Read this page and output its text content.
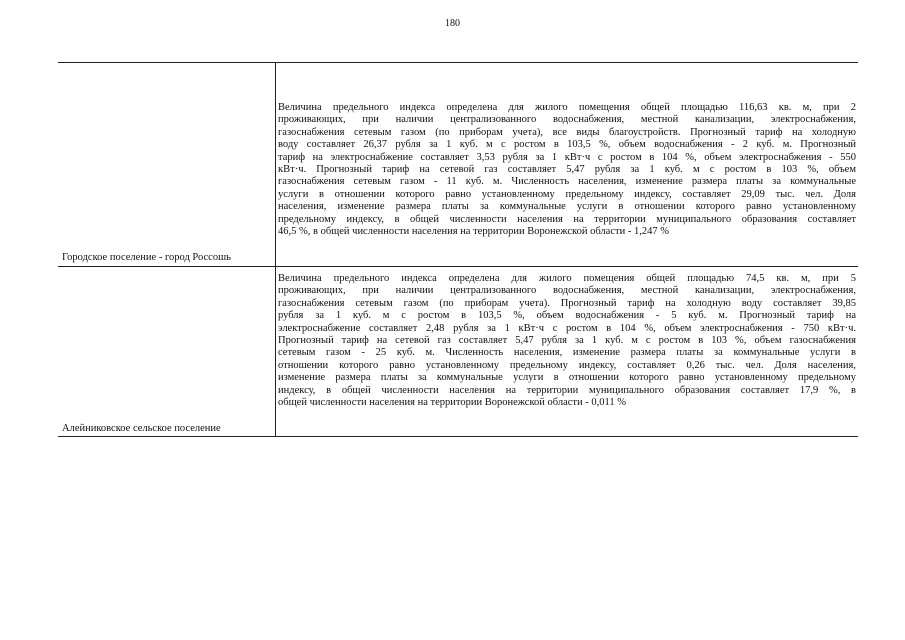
180
Городское поселение - город Россошь
Величина предельного индекса определена для жилого помещения общей площадью 116,63 кв. м, при 2
проживающих, при наличии централизованного водоснабжения, местной канализации, электроснабжения,
газоснабжения сетевым газом (по приборам учета), все виды благоустройств. Прогнозный тариф на холодную
воду составляет 26,37 рубля за 1 куб. м с ростом в 103,5 %, объем водоснабжения - 2 куб. м. Прогнозный
тариф на электроснабжение составляет 3,53 рубля за 1 кВт·ч с ростом в 104 %, объем электроснабжения - 550
кВт·ч. Прогнозный тариф на сетевой газ составляет 5,47 рубля за 1 куб. м с ростом в 103 %, объем
газоснабжения сетевым газом - 11 куб. м. Численность населения, изменение размера платы за коммунальные
услуги в отношении которого равно установленному предельному индексу, составляет 29,09 тыс. чел. Доля
населения, изменение размера платы за коммунальные услуги в отношении которого равно установленному
предельному индексу, в общей численности населения на территории муниципального образования составляет
46,5 %, в общей численности населения на территории Воронежской области - 1,247 %
Алейниковское сельское поселение
Величина предельного индекса определена для жилого помещения общей площадью 74,5 кв. м, при 5
проживающих, при наличии централизованного водоснабжения, местной канализации, электроснабжения,
газоснабжения сетевым газом (по приборам учета). Прогнозный тариф на холодную воду составляет 39,85
рубля за 1 куб. м с ростом в 103,5 %, объем водоснабжения - 5 куб. м. Прогнозный тариф на
электроснабжение составляет 2,48 рубля за 1 кВт·ч с ростом в 104 %, объем электроснабжения - 750 кВт·ч.
Прогнозный тариф на сетевой газ составляет 5,47 рубля за 1 куб. м с ростом в 103 %, объем газоснабжения
сетевым газом - 25 куб. м. Численность населения, изменение размера платы за коммунальные услуги в
отношении которого равно установленному предельному индексу, составляет 0,26 тыс. чел. Доля населения,
изменение размера платы за коммунальные услуги в отношении которого равно установленному предельному
индексу, в общей численности населения на территории муниципального образования составляет 17,9 %, в
общей численности населения на территории Воронежской области - 0,011 %
